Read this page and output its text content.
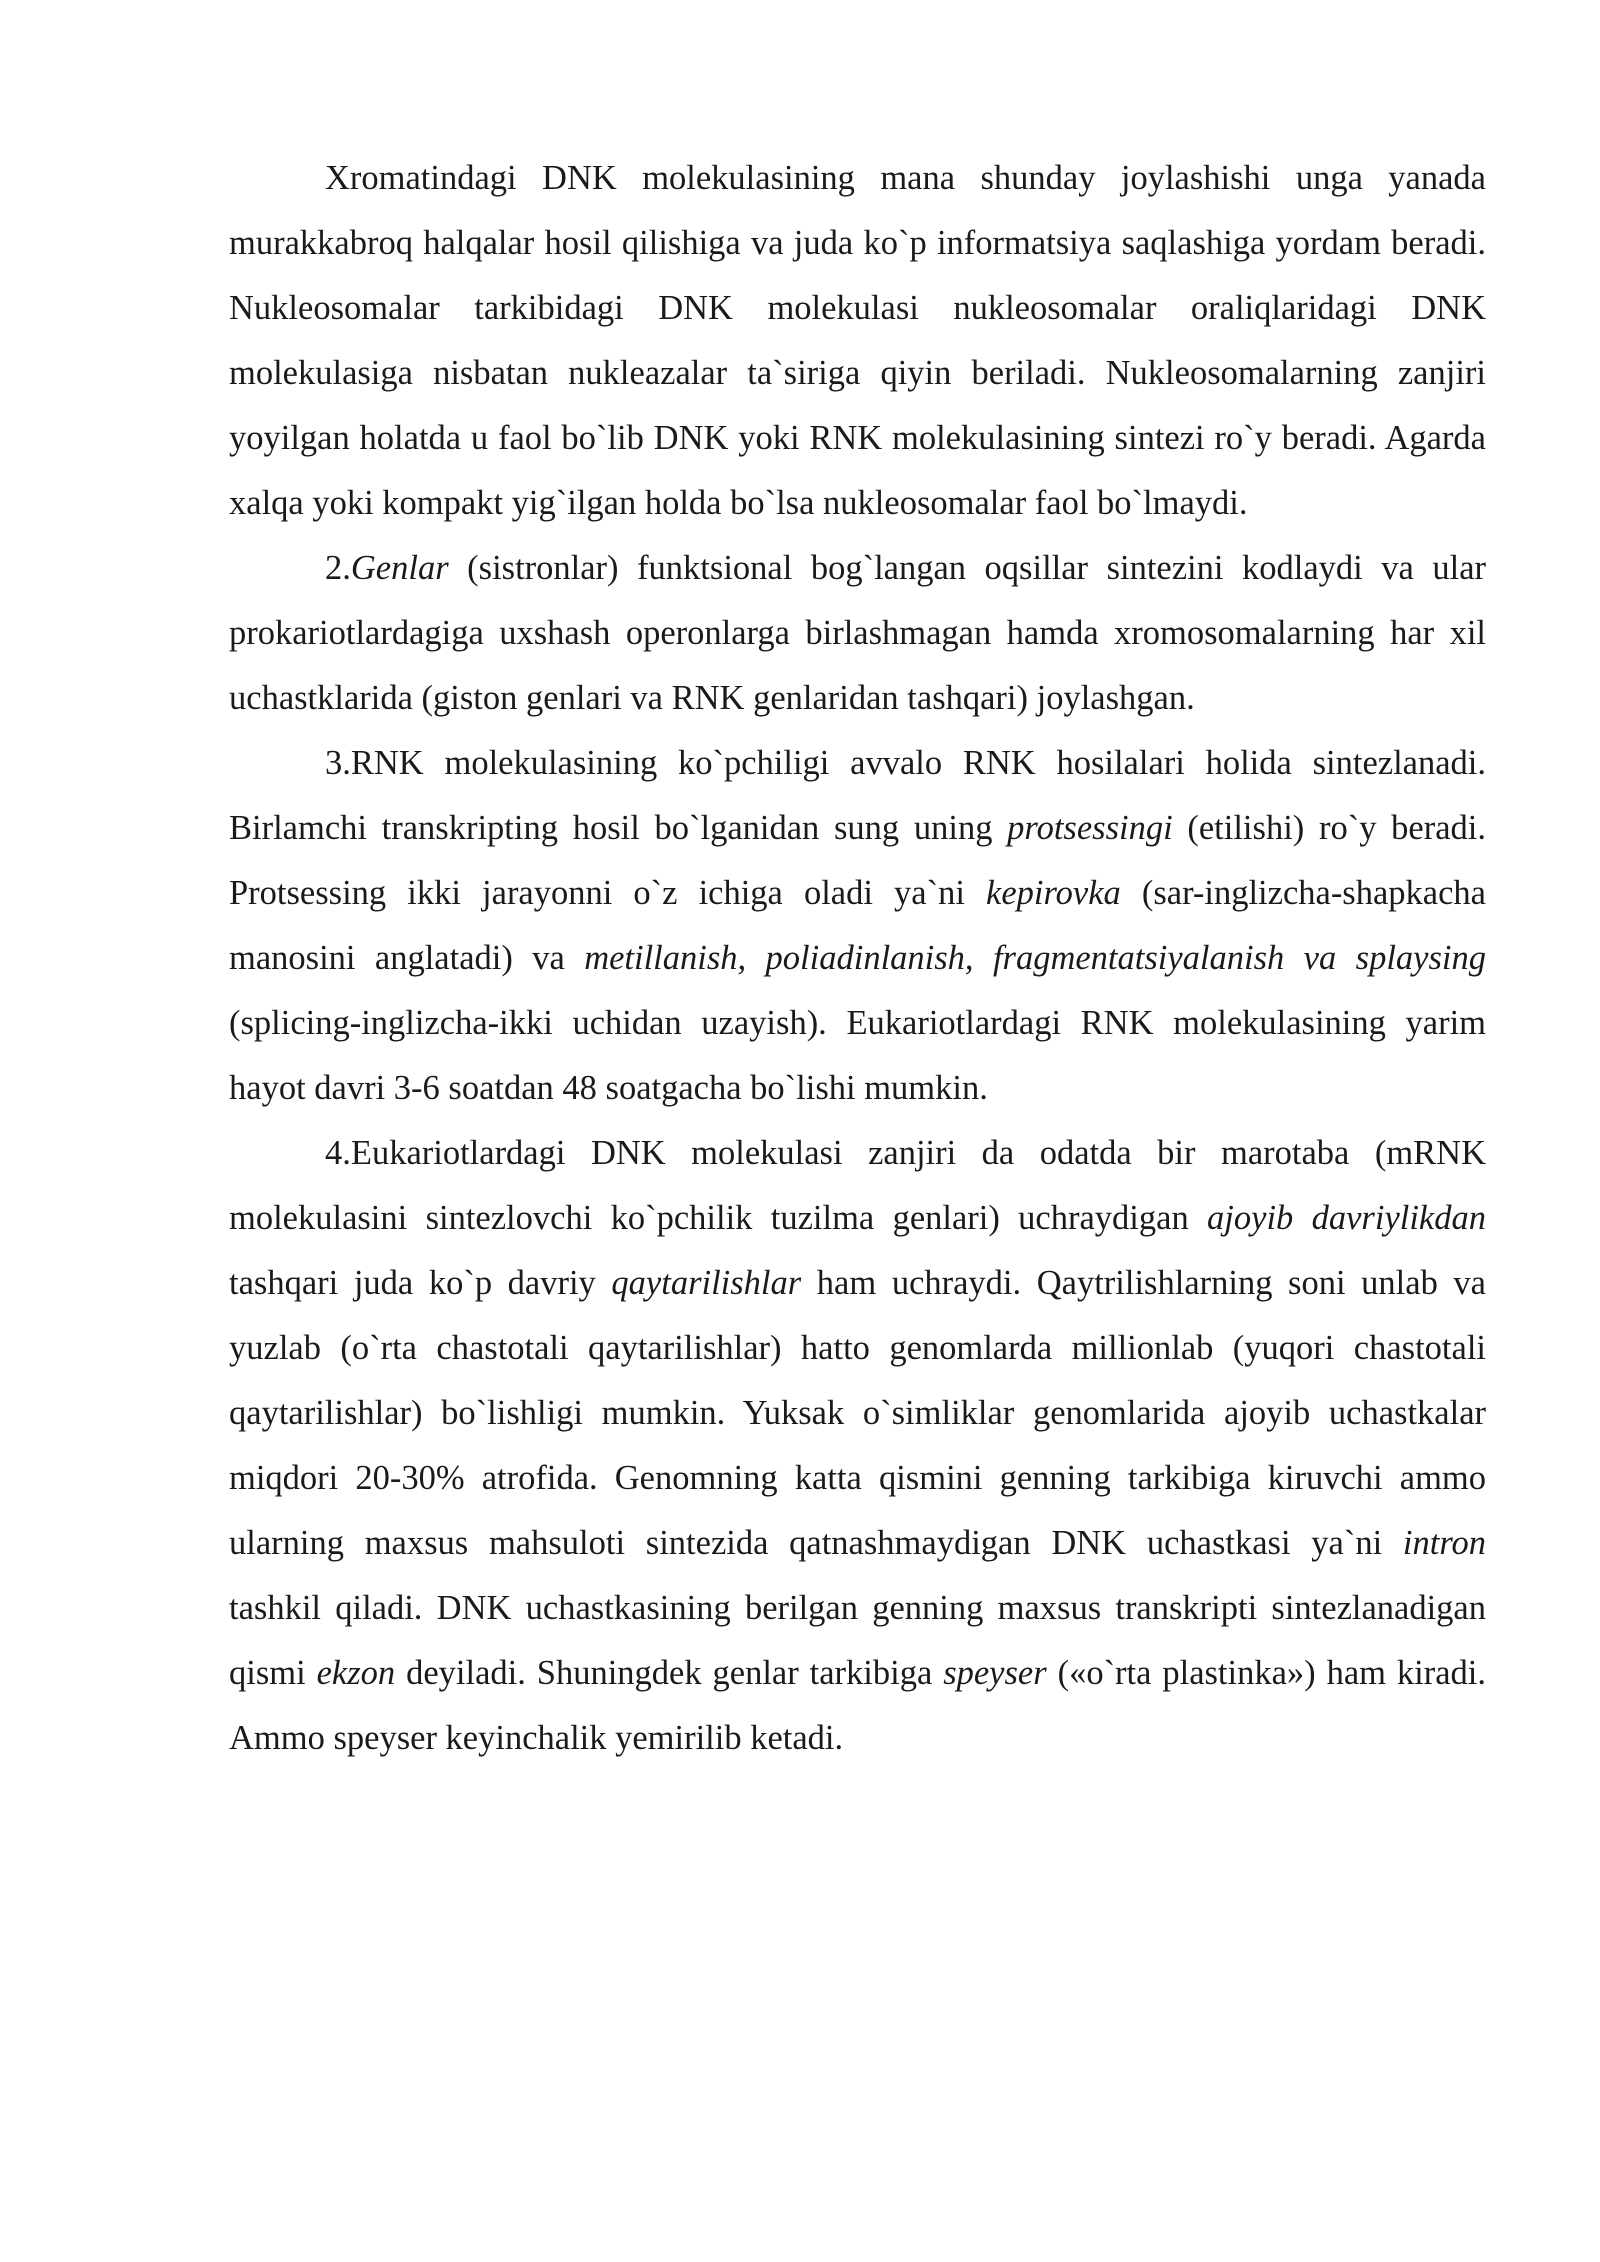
Xromatindagi DNK molekulasining mana shunday joylashishi unga yanada murakkabroq halqalar hosil qilishiga va juda ko`p informatsiya saqlashiga yordam beradi. Nukleosomalar tarkibidagi DNK molekulasi nukleosomalar oraliqlaridagi DNK molekulasiga nisbatan nukleazalar ta`siriga qiyin beriladi. Nukleosomalarning zanjiri yoyilgan holatda u faol bo`lib DNK yoki RNK molekulasining sintezi ro`y beradi. Agarda xalqa yoki kompakt yig`ilgan holda bo`lsa nukleosomalar faol bo`lmaydi.

2.Genlar (sistronlar) funktsional bog`langan oqsillar sintezini kodlaydi va ular prokariotlardagiga uxshash operonlarga birlashmagan hamda xromosomalarning har xil uchastklarida (giston genlari va RNK genlaridan tashqari) joylashgan.

3.RNK molekulasining ko`pchiligi avvalo RNK hosilalari holida sintezlanadi. Birlamchi transkripting hosil bo`lganidan sung uning protsessingi (etilishi) ro`y beradi. Protsessing ikki jarayonni o`z ichiga oladi ya`ni kepirovka (sar-inglizcha-shapkacha manosini anglatadi) va metillanish, poliadinlanish, fragmentatsiyalanish va splaysing (splicing-inglizcha-ikki uchidan uzayish). Eukariotlardagi RNK molekulasining yarim hayot davri 3-6 soatdan 48 soatgacha bo`lishi mumkin.

4.Eukariotlardagi DNK molekulasi zanjiri da odatda bir marotaba (mRNK molekulasini sintezlovchi ko`pchilik tuzilma genlari) uchraydigan ajoyib davriylikdan tashqari juda ko`p davriy qaytarilishlar ham uchraydi. Qaytrilishlarning soni unlab va yuzlab (o`rta chastotali qaytarilishlar) hatto genomlarda millionlab (yuqori chastotali qaytarilishlar) bo`lishligi mumkin. Yuksak o`simliklar genomlarida ajoyib uchastkalar miqdori 20-30% atrofida. Genomning katta qismini genning tarkibiga kiruvchi ammo ularning maxsus mahsuloti sintezida qatnashmaydigan DNK uchastkasi ya`ni intron tashkil qiladi. DNK uchastkasining berilgan genning maxsus transkripti sintezlanadigan qismi ekzon deyiladi. Shuningdek genlar tarkibiga speyser («o`rta plastinka») ham kiradi. Ammo speyser keyinchalik yemirilib ketadi.
